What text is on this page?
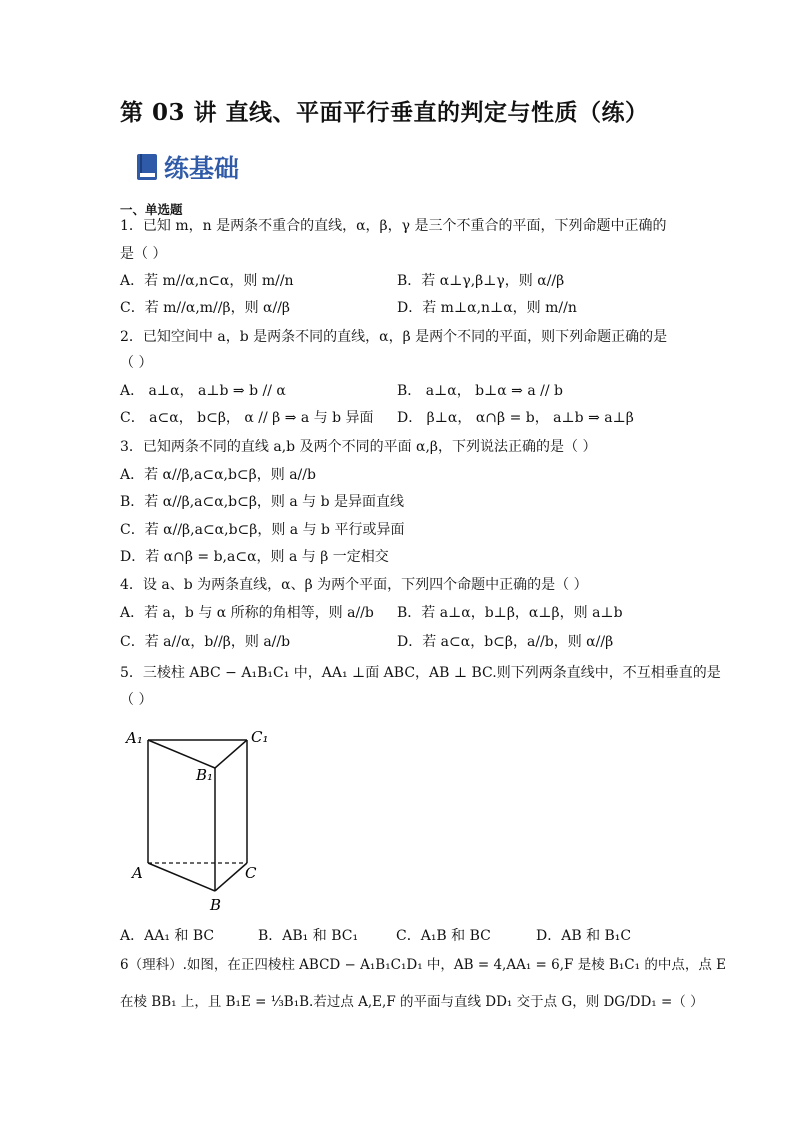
第 03 讲 直线、平面平行垂直的判定与性质（练）
练基础
一、单选题
1．已知 m，n 是两条不重合的直线，α，β，γ 是三个不重合的平面，下列命题中正确的
是（ ）
A．若 m//α,n⊂α，则 m//n	B．若 α⊥γ,β⊥γ，则 α//β
C．若 m//α,m//β，则 α//β	D．若 m⊥α,n⊥α，则 m//n
2．已知空间中 a，b 是两条不同的直线，α，β 是两个不同的平面，则下列命题正确的是
（ ）
A． a⊥α， a⊥b ⇒ b // α	B． a⊥α， b⊥α ⇒ a // b
C． a⊂α， b⊂β， α // β ⇒ a 与 b 异面 D． β⊥α， α∩β = b， a⊥b ⇒ a⊥β
3．已知两条不同的直线 a,b 及两个不同的平面 α,β，下列说法正确的是（ ）
A．若 α//β,a⊂α,b⊂β，则 a//b
B．若 α//β,a⊂α,b⊂β，则 a 与 b 是异面直线
C．若 α//β,a⊂α,b⊂β，则 a 与 b 平行或异面
D．若 α∩β = b,a⊂α，则 a 与 β 一定相交
4．设 a、b 为两条直线，α、β 为两个平面，下列四个命题中正确的是（ ）
A．若 a，b 与 α 所称的角相等，则 a//b B．若 a⊥α，b⊥β，α⊥β，则 a⊥b
C．若 a//α，b//β，则 a//b	D．若 a⊂α，b⊂β，a//b，则 α//β
5．三棱柱 ABC − A₁B₁C₁ 中，AA₁ ⊥面 ABC，AB ⊥ BC.则下列两条直线中，不互相垂直的是
（ ）
A₁	C₁
B₁
A	C
B
A．AA₁ 和 BC	B．AB₁ 和 BC₁	C．A₁B 和 BC	D．AB 和 B₁C
6（理科）.如图，在正四棱柱 ABCD − A₁B₁C₁D₁ 中，AB = 4,AA₁ = 6,F 是棱 B₁C₁ 的中点，点 E
在棱 BB₁ 上，且 B₁E = ⅓B₁B.若过点 A,E,F 的平面与直线 DD₁ 交于点 G，则 DG/DD₁ =（ ）
